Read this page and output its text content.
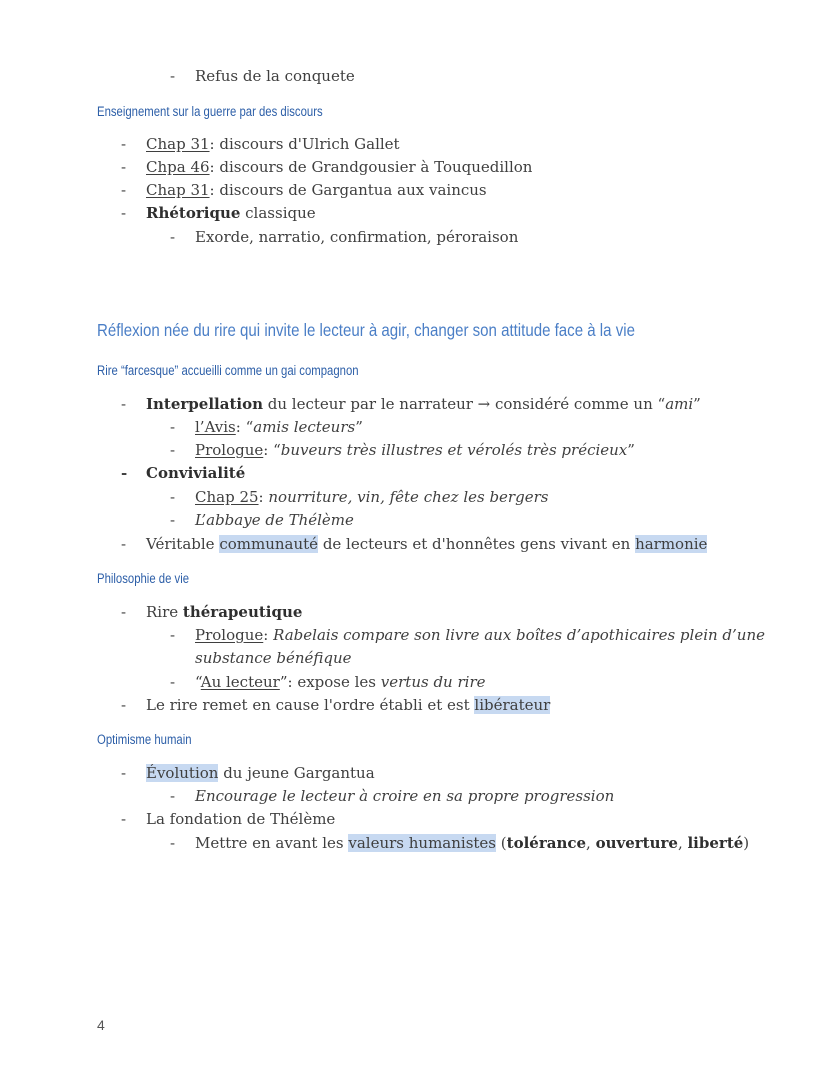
- Refus de la conquete
Enseignement sur la guerre par des discours
- Chap 31: discours d'Ulrich Gallet
- Chpa 46: discours de Grandgousier à Touquedillon
- Chap 31: discours de Gargantua aux vaincus
- Rhétorique classique
- Exorde, narratio, confirmation, péroraison
Réflexion née du rire qui invite le lecteur à agir, changer son attitude face à la vie
Rire “farcesque” accueilli comme un gai compagnon
- Interpellation du lecteur par le narrateur → considéré comme un “ami”
- l’Avis: “amis lecteurs”
- Prologue: “buveurs très illustres et vérolés très précieux”
- Convivialité
- Chap 25: nourriture, vin, fête chez les bergers
- L’abbaye de Thélème
- Véritable communauté de lecteurs et d'honnêtes gens vivant en harmonie
Philosophie de vie
- Rire thérapeutique
- Prologue: Rabelais compare son livre aux boîtes d’apothicaires plein d’une
substance bénéfique
- “Au lecteur”: expose les vertus du rire
- Le rire remet en cause l'ordre établi et est libérateur
Optimisme humain
- Évolution du jeune Gargantua
- Encourage le lecteur à croire en sa propre progression
- La fondation de Thélème
- Mettre en avant les valeurs humanistes (tolérance, ouverture, liberté)
4
